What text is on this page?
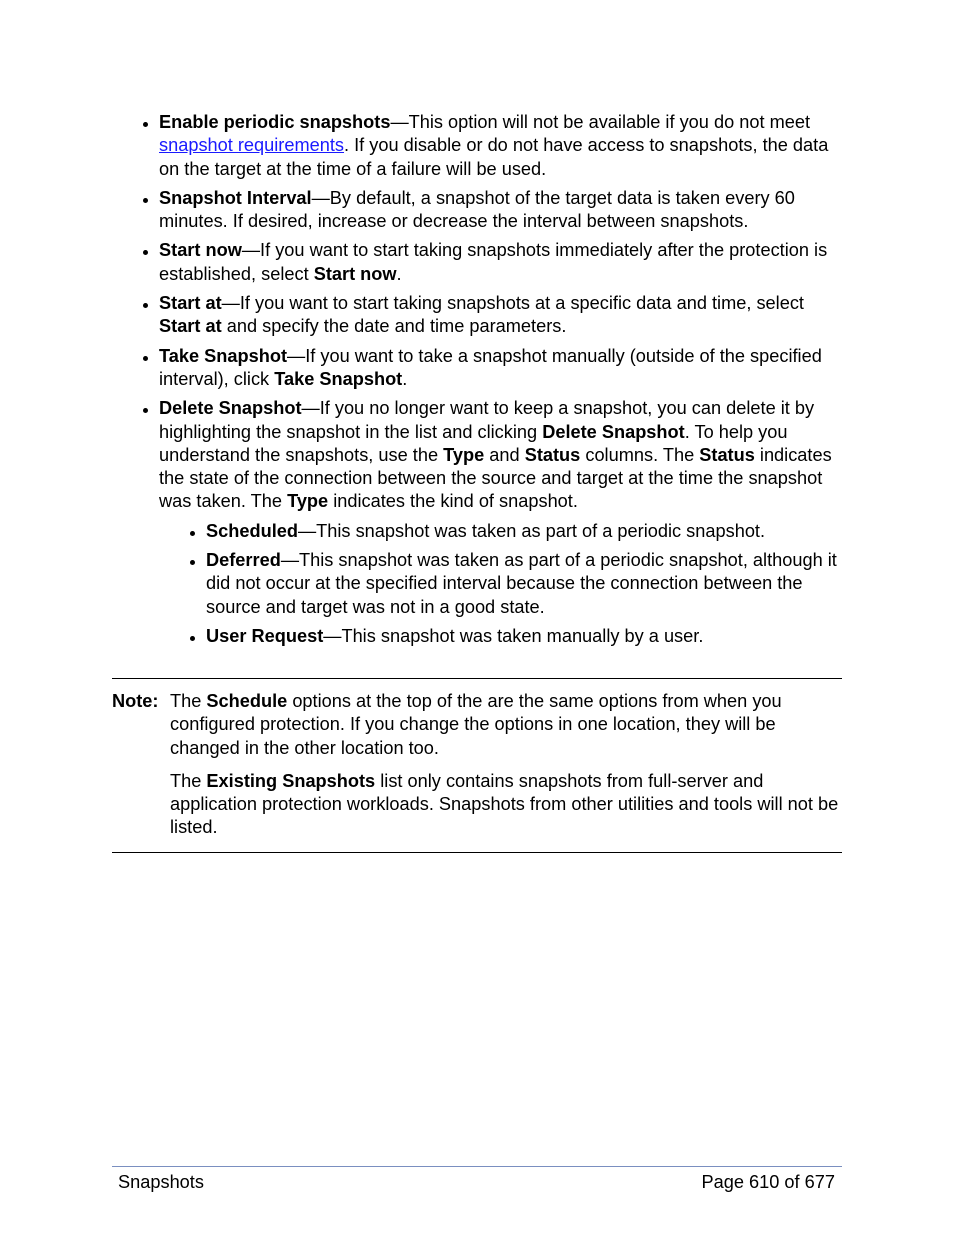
Enable periodic snapshots—This option will not be available if you do not meet snapshot requirements. If you disable or do not have access to snapshots, the data on the target at the time of a failure will be used.
Snapshot Interval—By default, a snapshot of the target data is taken every 60 minutes. If desired, increase or decrease the interval between snapshots.
Start now—If you want to start taking snapshots immediately after the protection is established, select Start now.
Start at—If you want to start taking snapshots at a specific data and time, select Start at and specify the date and time parameters.
Take Snapshot—If you want to take a snapshot manually (outside of the specified interval), click Take Snapshot.
Delete Snapshot—If you no longer want to keep a snapshot, you can delete it by highlighting the snapshot in the list and clicking Delete Snapshot. To help you understand the snapshots, use the Type and Status columns. The Status indicates the state of the connection between the source and target at the time the snapshot was taken. The Type indicates the kind of snapshot.
Scheduled—This snapshot was taken as part of a periodic snapshot.
Deferred—This snapshot was taken as part of a periodic snapshot, although it did not occur at the specified interval because the connection between the source and target was not in a good state.
User Request—This snapshot was taken manually by a user.
Note: The Schedule options at the top of the are the same options from when you configured protection. If you change the options in one location, they will be changed in the other location too.

The Existing Snapshots list only contains snapshots from full-server and application protection workloads. Snapshots from other utilities and tools will not be listed.

Snapshots	Page 610 of 677
